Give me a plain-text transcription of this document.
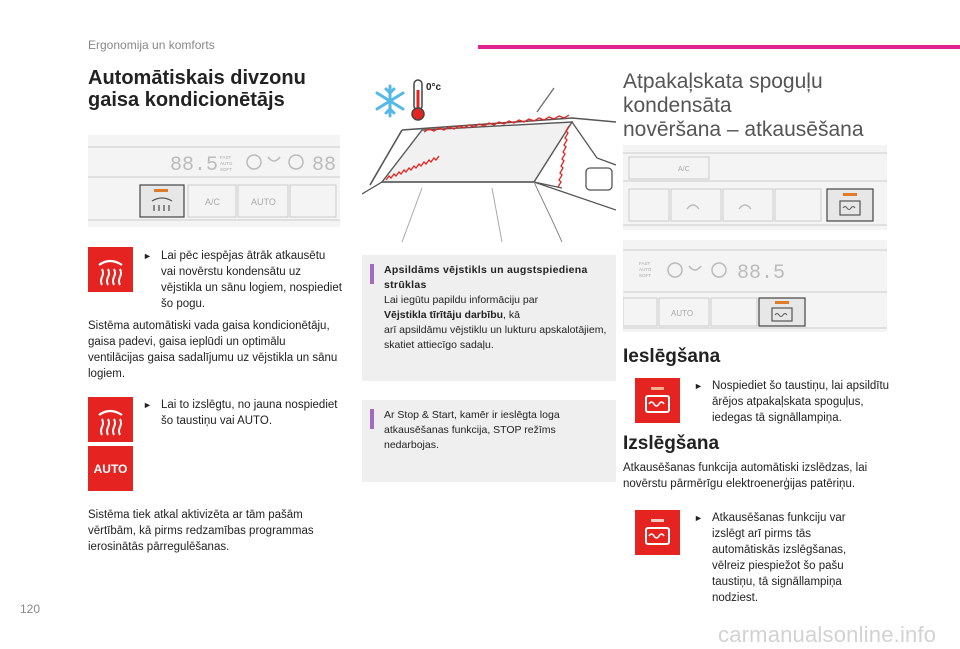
Ergonomija un komforts
Automātiskais divzonu
gaisa kondicionētājs
88.5 FAST
AUTO
SOFT	88
A/C	AUTO
► Lai pēc iespējas ātrāk atkausētu vai novērstu kondensātu uz vējstikla un sānu logiem, nospiediet šo pogu.
Sistēma automātiski vada gaisa kondicionētāju, gaisa padevi, gaisa ieplūdi un optimālu ventilācijas gaisa sadalījumu uz vējstikla un sānu logiem.
AUTO
► Lai to izslēgtu, no jauna nospiediet šo taustiņu vai AUTO.
Sistēma tiek atkal aktivizēta ar tām pašām vērtībām, kā pirms redzamības programmas ierosinātās pārregulēšanas.
0°c
Apsildāms vējstikls un augstspiediena strūklas
Lai iegūtu papildu informāciju par
Vējstikla tīrītāju darbību, kā
arī apsildāmu vējstiklu un lukturu apskalotājiem, skatiet attiecīgo sadaļu.
Ar Stop & Start, kamēr ir ieslēgta loga atkausēšanas funkcija, STOP režīms nedarbojas.
Atpakaļskata spoguļu kondensāta
novēršana – atkausēšana
A/C
FAST
AUTO
SOFT	88.5
AUTO
Ieslēgšana
► Nospiediet šo taustiņu, lai apsildītu ārējos atpakaļskata spoguļus, iedegas tā signāllampiņa.
Izslēgšana
Atkausēšanas funkcija automātiski izslēdzas, lai novērstu pārmērīgu elektroenerģijas patēriņu.
► Atkausēšanas funkciju var izslēgt arī pirms tās automātiskās izslēgšanas, vēlreiz piespiežot šo pašu taustiņu, tā signāllampiņa nodziest.
120
carmanualsonline.info
